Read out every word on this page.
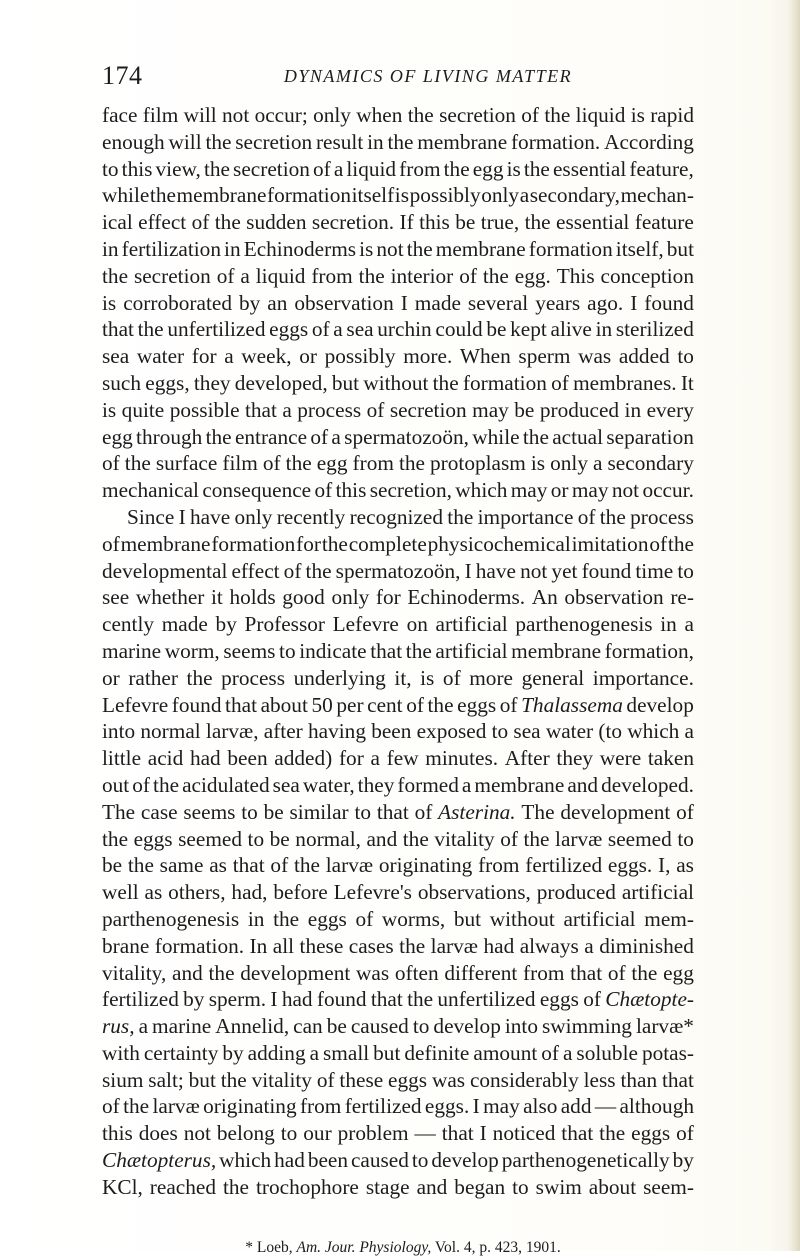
174	DYNAMICS OF LIVING MATTER
face film will not occur; only when the secretion of the liquid is rapid
enough will the secretion result in the membrane formation. According
to this view, the secretion of a liquid from the egg is the essential feature,
while the membrane formation itself is possibly only a secondary, mechan-
ical effect of the sudden secretion. If this be true, the essential feature
in fertilization in Echinoderms is not the membrane formation itself, but
the secretion of a liquid from the interior of the egg. This conception
is corroborated by an observation I made several years ago. I found
that the unfertilized eggs of a sea urchin could be kept alive in sterilized
sea water for a week, or possibly more. When sperm was added to
such eggs, they developed, but without the formation of membranes. It
is quite possible that a process of secretion may be produced in every
egg through the entrance of a spermatozoön, while the actual separation
of the surface film of the egg from the protoplasm is only a secondary
mechanical consequence of this secretion, which may or may not occur.
Since I have only recently recognized the importance of the process
of membrane formation for the complete physicochemical imitation of the
developmental effect of the spermatozoön, I have not yet found time to
see whether it holds good only for Echinoderms. An observation re-
cently made by Professor Lefevre on artificial parthenogenesis in a
marine worm, seems to indicate that the artificial membrane formation,
or rather the process underlying it, is of more general importance.
Lefevre found that about 50 per cent of the eggs of Thalassema develop
into normal larvæ, after having been exposed to sea water (to which a
little acid had been added) for a few minutes. After they were taken
out of the acidulated sea water, they formed a membrane and developed.
The case seems to be similar to that of Asterina. The development of
the eggs seemed to be normal, and the vitality of the larvæ seemed to
be the same as that of the larvæ originating from fertilized eggs. I, as
well as others, had, before Lefevre's observations, produced artificial
parthenogenesis in the eggs of worms, but without artificial mem-
brane formation. In all these cases the larvæ had always a diminished
vitality, and the development was often different from that of the egg
fertilized by sperm. I had found that the unfertilized eggs of Chætopte-
rus, a marine Annelid, can be caused to develop into swimming larvæ*
with certainty by adding a small but definite amount of a soluble potas-
sium salt; but the vitality of these eggs was considerably less than that
of the larvæ originating from fertilized eggs. I may also add — although
this does not belong to our problem — that I noticed that the eggs of
Chætopterus, which had been caused to develop parthenogenetically by
KCl, reached the trochophore stage and began to swim about seem-
* Loeb, Am. Jour. Physiology, Vol. 4, p. 423, 1901.
